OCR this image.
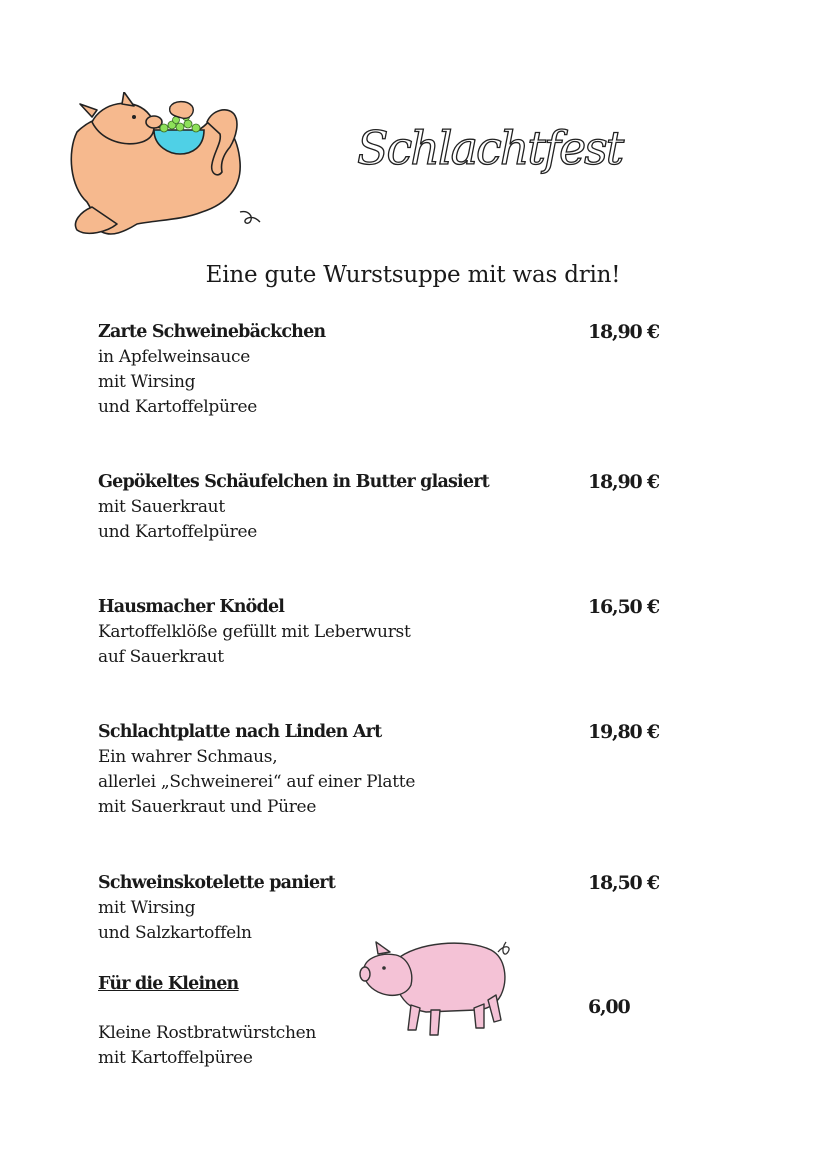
Schlachtfest
Eine gute Wurstsuppe mit was drin!
Zarte Schweinebäckchen
in Apfelweinsauce
mit Wirsing
und Kartoffelpüree
18,90 €
Gepökeltes Schäufelchen in Butter glasiert
mit Sauerkraut
und Kartoffelpüree
18,90 €
Hausmacher Knödel
Kartoffelklöße gefüllt mit Leberwurst
auf Sauerkraut
16,50 €
Schlachtplatte nach Linden Art
Ein wahrer Schmaus,
allerlei „Schweinerei“ auf einer Platte
mit Sauerkraut und Püree
19,80 €
Schweinskotelette paniert
mit Wirsing
und Salzkartoffeln
18,50 €
Für die Kleinen
Kleine Rostbratwürstchen
mit Kartoffelpüree
6,00
